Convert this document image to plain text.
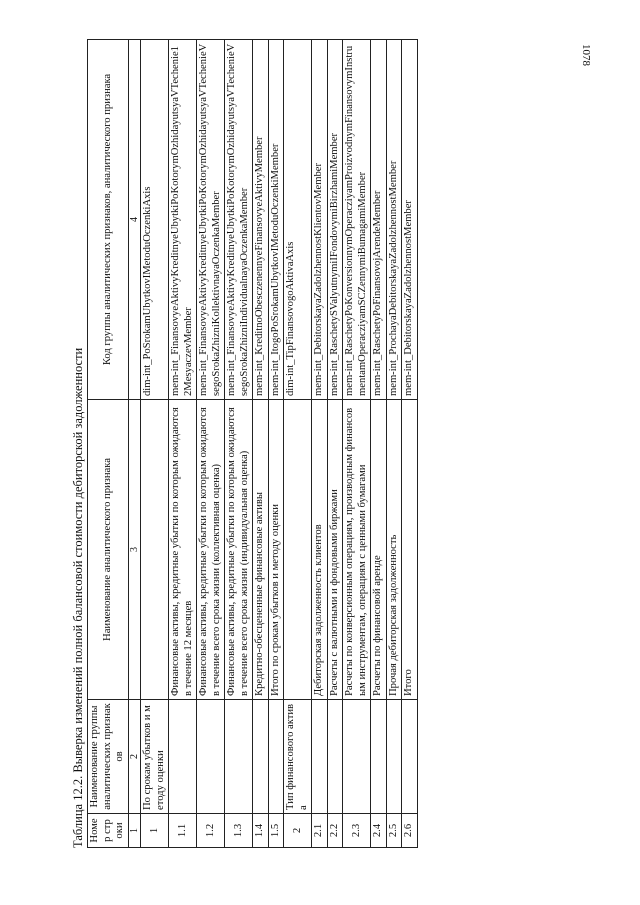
1078
Таблица 12.2. Выверка изменений полной балансовой стоимости дебиторской задолженности Номер строки	Наименование группы аналитических признаков	Наименование аналитического признака	Код группы аналитических признаков, аналитического признака
1	2	3	4
1	По срокам убытков и методу оценки		dim-int_PoSrokamUbytkovIMetoduOczenkiAxis
1.1		Финансовые активы, кредитные убытки по которым ожидаются в течение 12 месяцев	mem-int_FinansovyeAktivyKreditnyeUbytkiPoKotorymOzhidayutsyaVTechenie12MesyaczevMember
1.2		Финансовые активы, кредитные убытки по которым ожидаются в течение всего срока жизни (коллективная оценка)	mem-int_FinansovyeAktivyKreditnyeUbytkiPoKotorymOzhidayutsyaVTechenieVsegoSrokaZhizniKollektivnayaOczenkaMember
1.3		Финансовые активы, кредитные убытки по которым ожидаются в течение всего срока жизни (индивидуальная оценка)	mem-int_FinansovyeAktivyKreditnyeUbytkiPoKotorymOzhidayutsyaVTechenieVsegoSrokaZhizniIndividualnayaOczenkaMember
1.4		Кредитно-обесцененные финансовые активы	mem-int_KreditnoObesczenennyeFinansovyeAktivyMember
1.5		Итого по срокам убытков и методу оценки	mem-int_ItogoPoSrokamUbytkovIMetoduOczenkiMember
2	Тип финансового актива		dim-int_TipFinansovogoAktivaAxis
2.1		Дебиторская задолженность клиентов	mem-int_DebitorskayaZadolzhennostKlientovMember
2.2		Расчеты с валютными и фондовыми биржами	mem-int_RaschetySValyutnymiIFondovymiBirzhamiMember
2.3		Расчеты по конверсионным операциям, производным финансовым инструментам, операциям с ценными бумагами	mem-int_RaschetyPoKonversionnymOperacziyamProizvodnymFinansovymInstrumentamOperacziyamSCZennymiBumagamiMember
2.4		Расчеты по финансовой аренде	mem-int_RaschetyPoFinansovojArendeMember
2.5		Прочая дебиторская задолженность	mem-int_ProchayaDebitorskayaZadolzhennostMember
2.6		Итого	mem-int_DebitorskayaZadolzhennostMember
